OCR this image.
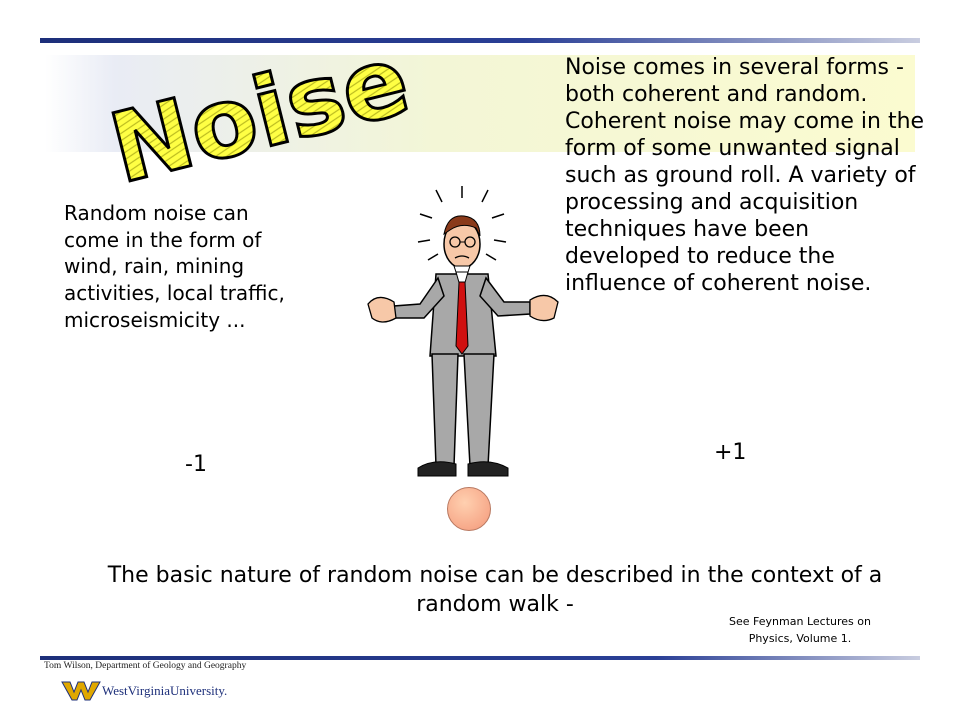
Noise	Noise comes in several forms - both coherent and random. Coherent noise may come in the form of some unwanted signal such as ground roll. A variety of processing and acquisition techniques have been developed to reduce the influence of coherent noise.
Random noise can come in the form of wind, rain, mining activities, local traffic, microseismicity ...
-1	+1
The basic nature of random noise can be described in the context of a random walk -
See Feynman Lectures on Physics, Volume 1.
Tom Wilson, Department of Geology and Geography
WestVirginiaUniversity.
